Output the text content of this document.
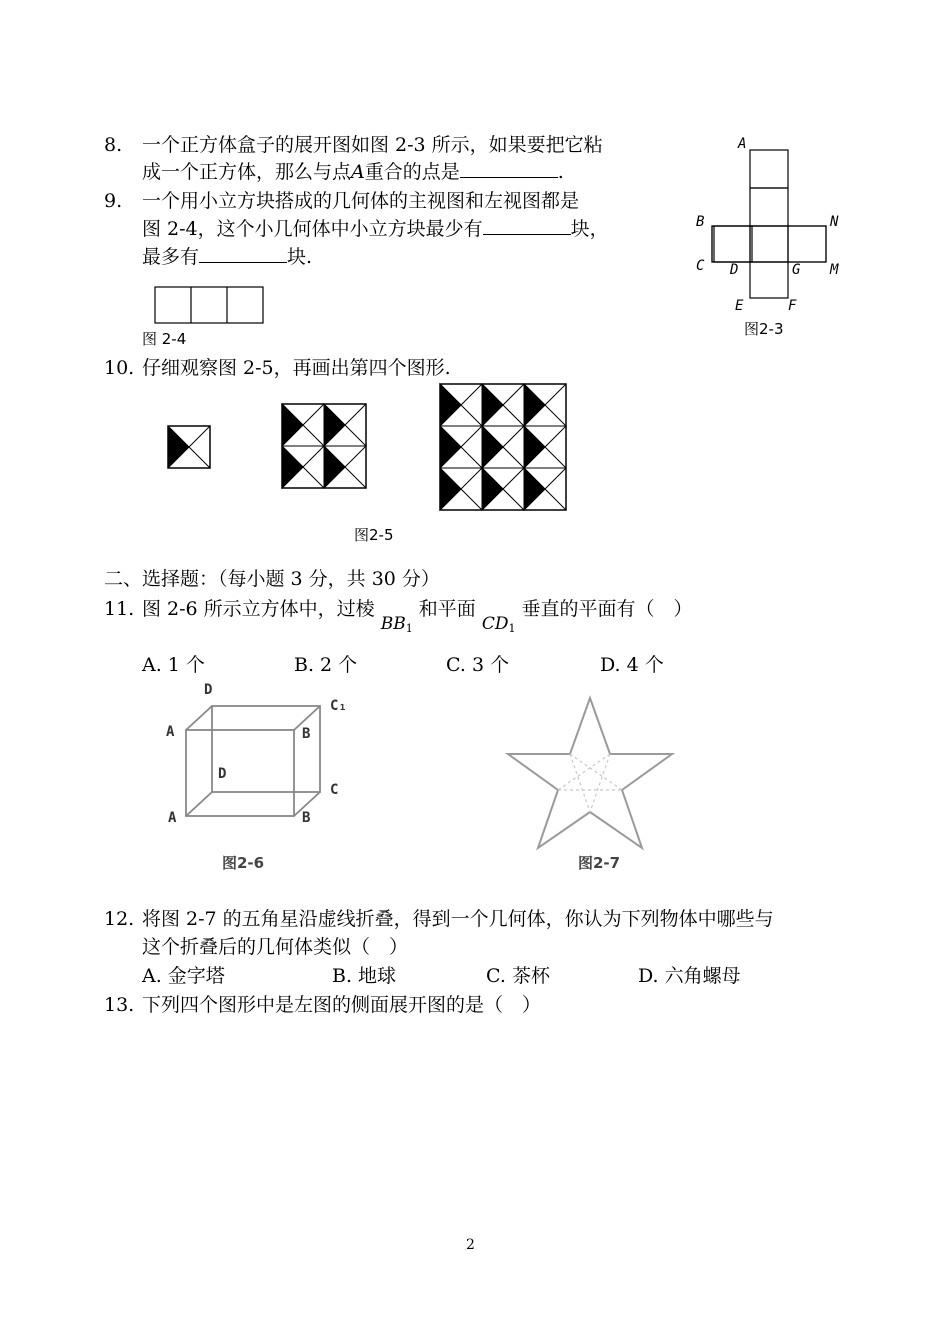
8. 一个正方体盒子的展开图如图 2-3 所示，如果要把它粘
成一个正方体，那么与点A重合的点是	.
9. 一个用小立方块搭成的几何体的主视图和左视图都是
图 2-4，这个小几何体中小立方块最少有	块，
最多有	块.
图 2-4
A
B
C D	G
N
M
E	F
图2-3
10. 仔细观察图 2-5，再画出第四个图形.
图2-5
二、选择题：（每小题 3 分，共 30 分）
11. 图 2-6 所示立方体中，过棱 $BB_1$ 和平面 $CD_1$ 垂直的平面有（　）
A. 1 个	B. 2 个	C. 3 个	D. 4 个
D
C₁
A	B
D
C
A	B
图2-6	图2-7
12. 将图 2-7 的五角星沿虚线折叠，得到一个几何体，你认为下列物体中哪些与
这个折叠后的几何体类似（　）
A. 金字塔	B. 地球	C. 茶杯	D. 六角螺母
13. 下列四个图形中是左图的侧面展开图的是（　）
2
